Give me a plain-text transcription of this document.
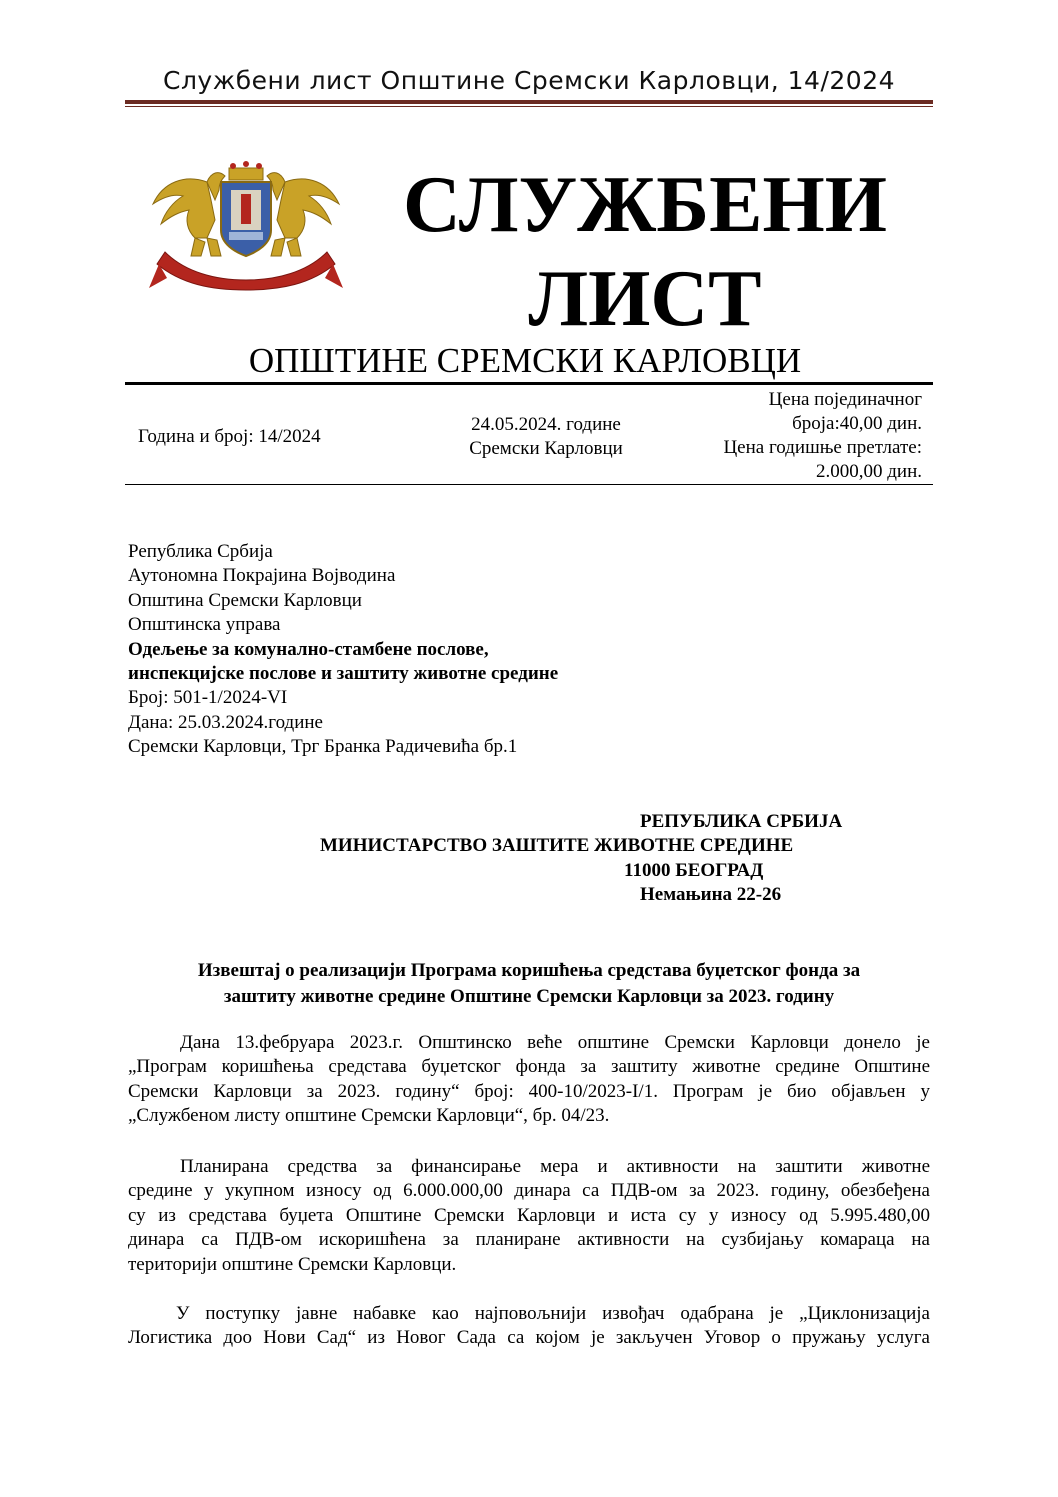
Службени лист Општине Сремски Карловци, 14/2024
СЛУЖБЕНИ
ЛИСТ
ОПШТИНЕ СРЕМСКИ КАРЛОВЦИ
Година и број: 14/2024
24.05.2024. године
Сремски Карловци
Цена појединачног
броја:40,00 дин.
Цена годишње претлате:
2.000,00 дин.
Република Србија
Аутономна Покрајина Војводина
Општина Сремски Карловци
Општинска управа
Одељење за комунално-стамбене послове,
инспекцијске послове и заштиту животне средине
Број: 501-1/2024-VI
Дана: 25.03.2024.године
Сремски Карловци, Трг Бранка Радичевића бр.1
РЕПУБЛИКА СРБИЈА
МИНИСТАРСТВО ЗАШТИТЕ ЖИВОТНЕ СРЕДИНЕ
11000 БЕОГРАД
Немањина 22-26
Извештај о реализацији Програма коришћења средстава буџетског фонда за
заштиту животне средине Општине Сремски Карловци за 2023. годину
Дана 13.фебруара 2023.г. Општинско веће општине Сремски Карловци донело је
„Програм коришћења средстава буџетског фонда за заштиту животне средине Општине
Сремски Карловци за 2023. годину“ број: 400-10/2023-I/1. Програм је био објављен у
„Службеном листу општине Сремски Карловци“, бр. 04/23.
Планирана средства за финансирање мера и активности на заштити животне
средине у укупном износу од 6.000.000,00 динара са ПДВ-ом за 2023. годину, обезбеђена
су из средстава буџета Општине Сремски Карловци и иста су у износу од 5.995.480,00
динара са ПДВ-ом искоришћена за планиране активности на сузбијању комараца на
територији општине Сремски Карловци.
У поступку јавне набавке као најповољнији извођач одабрана је „Циклонизација
Логистика доо Нови Сад“ из Новог Сада са којом је закључен Уговор о пружању услуга
